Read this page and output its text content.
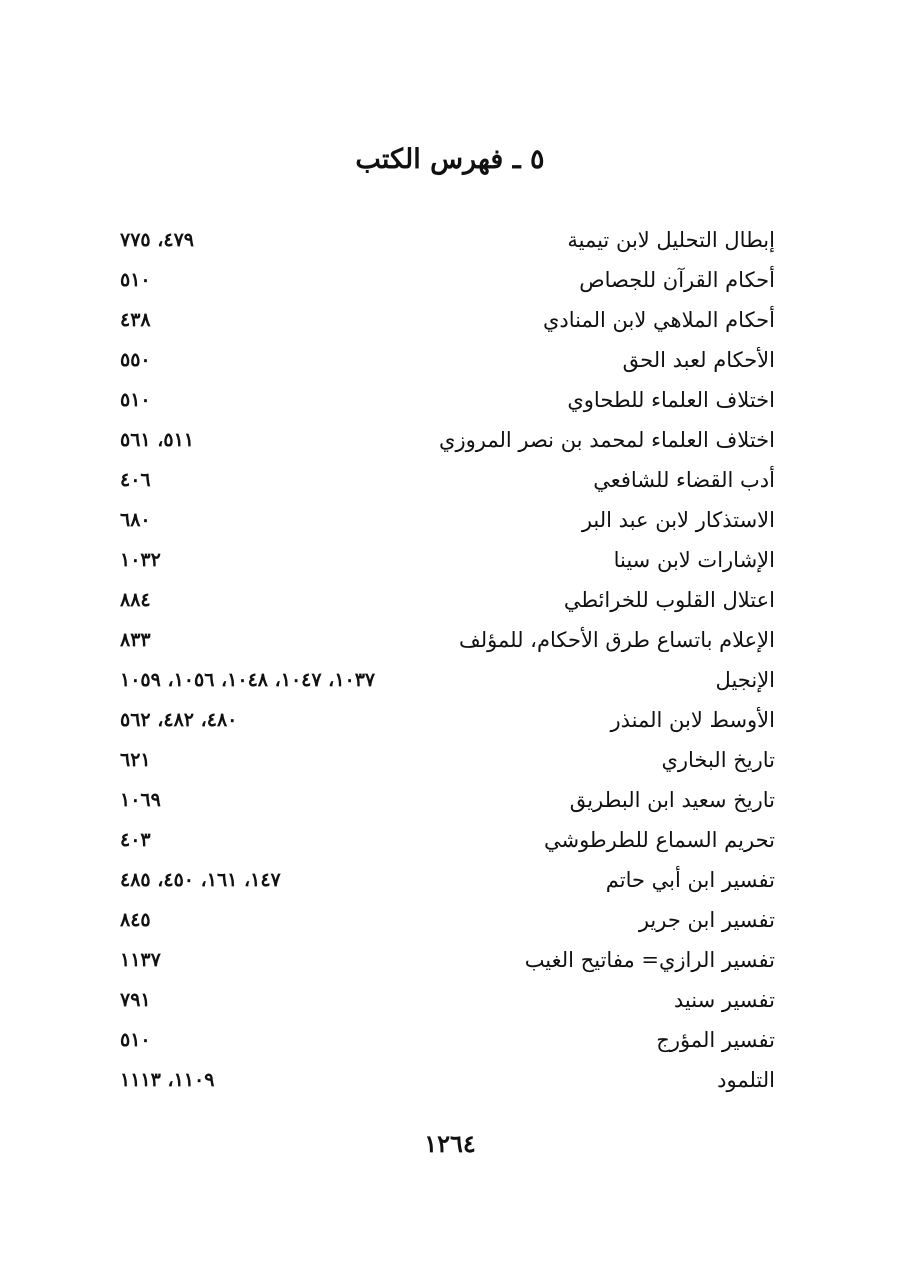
٥ ـ فهرس الكتب
إبطال التحليل لابن تيمية
٤٧٩، ٧٧٥
أحكام القرآن للجصاص
٥١٠
أحكام الملاهي لابن المنادي
٤٣٨
الأحكام لعبد الحق
٥٥٠
اختلاف العلماء للطحاوي
٥١٠
اختلاف العلماء لمحمد بن نصر المروزي
٥١١، ٥٦١
أدب القضاء للشافعي
٤٠٦
الاستذكار لابن عبد البر
٦٨٠
الإشارات لابن سينا
١٠٣٢
اعتلال القلوب للخرائطي
٨٨٤
الإعلام باتساع طرق الأحكام، للمؤلف
٨٣٣
الإنجيل
١٠٣٧، ١٠٤٧، ١٠٤٨، ١٠٥٦، ١٠٥٩
الأوسط لابن المنذر
٤٨٠، ٤٨٢، ٥٦٢
تاريخ البخاري
٦٢١
تاريخ سعيد ابن البطريق
١٠٦٩
تحريم السماع للطرطوشي
٤٠٣
تفسير ابن أبي حاتم
١٤٧، ١٦١، ٤٥٠، ٤٨٥
تفسير ابن جرير
٨٤٥
تفسير الرازي= مفاتيح الغيب
١١٣٧
تفسير سنيد
٧٩١
تفسير المؤرج
٥١٠
التلمود
١١٠٩، ١١١٣
١٢٦٤
